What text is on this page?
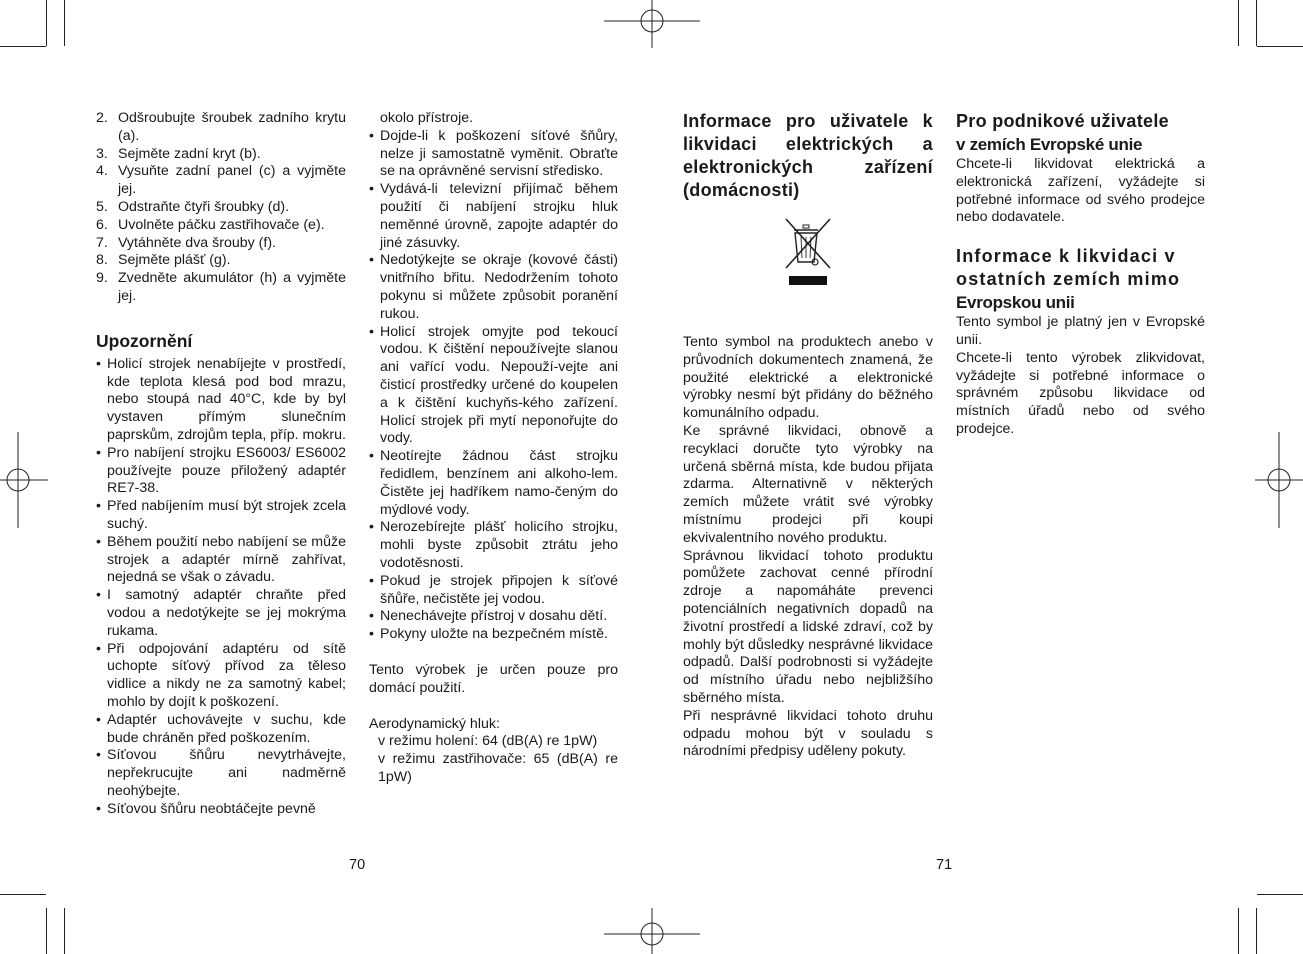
2. Odšroubujte šroubek zadního krytu (a).
3. Sejměte zadní kryt (b).
4. Vysuňte zadní panel (c) a vyjměte jej.
5. Odstraňte čtyři šroubky (d).
6. Uvolněte páčku zastřihovače (e).
7. Vytáhněte dva šrouby (f).
8. Sejměte plášť (g).
9. Zvedněte akumulátor (h) a vyjměte jej.
Upozornění
• Holicí strojek nenabíjejte v prostředí, kde teplota klesá pod bod mrazu, nebo stoupá nad 40°C, kde by byl vystaven přímým slunečním paprskům, zdrojům tepla, příp. mokru.
• Pro nabíjení strojku ES6003/ ES6002 používejte pouze přiložený adaptér RE7-38.
• Před nabíjením musí být strojek zcela suchý.
• Během použití nebo nabíjení se může strojek a adaptér mírně zahřívat, nejedná se však o závadu.
• I samotný adaptér chraňte před vodou a nedotýkejte se jej mokrýma rukama.
• Při odpojování adaptéru od sítě uchopte síťový přívod za těleso vidlice a nikdy ne za samotný kabel; mohlo by dojít k poškození.
• Adaptér uchovávejte v suchu, kde bude chráněn před poškozením.
• Síťovou šňůru nevytrhávejte, nepřekrucujte ani nadměrně neohýbejte.
• Síťovou šňůru neobtáčejte pevně
okolo přístroje.
• Dojde-li k poškození síťové šňůry, nelze ji samostatně vyměnit. Obraťte se na oprávněné servisní středisko.
• Vydává-li televizní přijímač během použití či nabíjení strojku hluk neměnné úrovně, zapojte adaptér do jiné zásuvky.
• Nedotýkejte se okraje (kovové části) vnitřního břitu. Nedodržením tohoto pokynu si můžete způsobit poranění rukou.
• Holicí strojek omyjte pod tekoucí vodou. K čištění nepoužívejte slanou ani vařící vodu. Nepouží-vejte ani čisticí prostředky určené do koupelen a k čištění kuchyňs-kého zařízení. Holicí strojek při mytí neponořujte do vody.
• Neotírejte žádnou část strojku ředidlem, benzínem ani alkoho-lem. Čistěte jej hadříkem namo-čeným do mýdlové vody.
• Nerozebírejte plášť holicího strojku, mohli byste způsobit ztrátu jeho vodotěsnosti.
• Pokud je strojek připojen k síťové šňůře, nečistěte jej vodou.
• Nenechávejte přístroj v dosahu dětí.
• Pokyny uložte na bezpečném místě.
Tento výrobek je určen pouze pro domácí použití.
Aerodynamický hluk:
v režimu holení: 64 (dB(A) re 1pW)
v režimu zastřihovače: 65 (dB(A) re 1pW)
70
Informace pro uživatele k likvidaci elektrických a elektronických zařízení (domácnosti)

Tento symbol na produktech anebo v průvodních dokumentech znamená, že použité elektrické a elektronické výrobky nesmí být přidány do běžného komunálního odpadu.

Ke správné likvidaci, obnově a recyklaci doručte tyto výrobky na určená sběrná místa, kde budou přijata zdarma. Alternativně v některých zemích můžete vrátit své výrobky místnímu prodejci při koupi ekvivalentního nového produktu.

Správnou likvidací tohoto produktu pomůžete zachovat cenné přírodní zdroje a napomáháte prevenci potenciálních negativních dopadů na životní prostředí a lidské zdraví, což by mohly být důsledky nesprávné likvidace odpadů. Další podrobnosti si vyžádejte od místního úřadu nebo nejbližšího sběrného místa.

Při nesprávné likvidaci tohoto druhu odpadu mohou být v souladu s národními předpisy uděleny pokuty.

Pro podnikové uživatele
v zemích Evropské unie

Chcete-li likvidovat elektrická a elektronická zařízení, vyžádejte si potřebné informace od svého prodejce nebo dodavatele.

Informace k likvidaci v
ostatních zemích mimo
Evropskou unii

Tento symbol je platný jen v Evropské unii.

Chcete-li tento výrobek zlikvidovat, vyžádejte si potřebné informace o správném způsobu likvidace od místních úřadů nebo od svého prodejce.

71
